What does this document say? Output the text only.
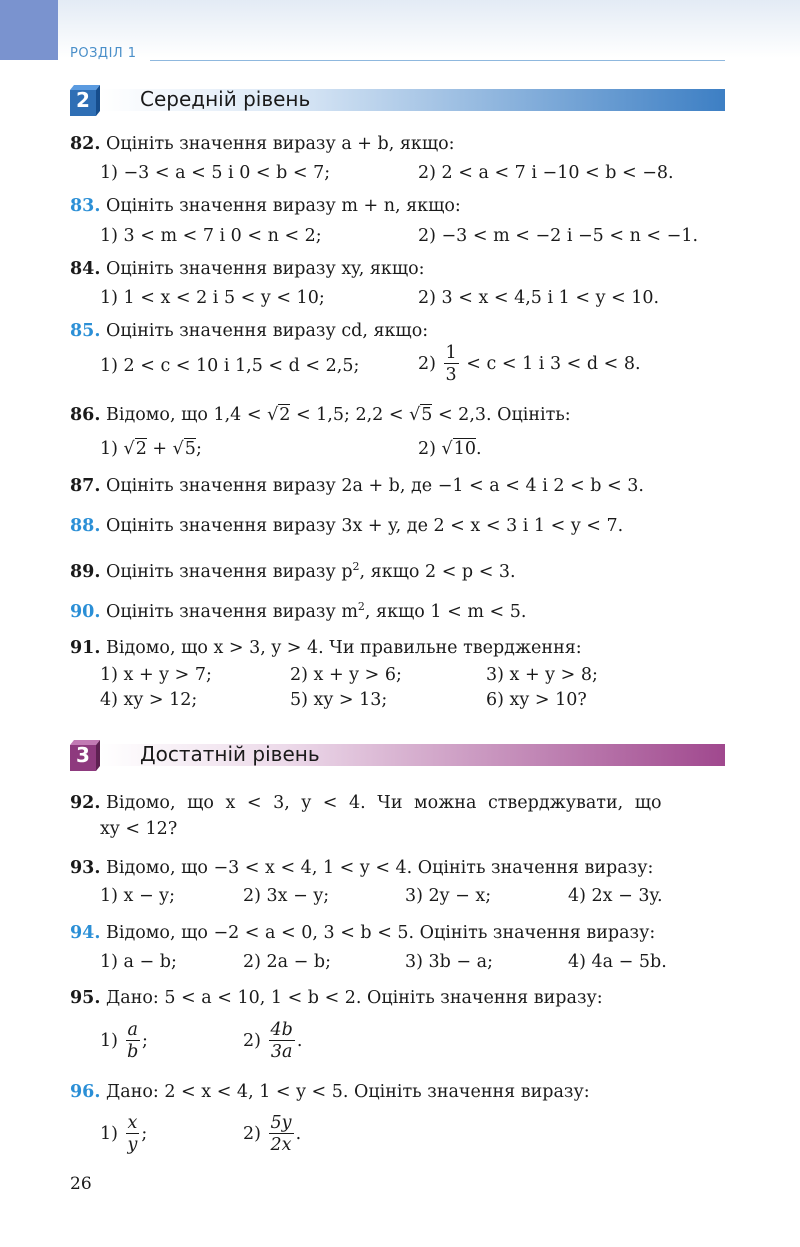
РОЗДІЛ 1
2	Середній рівень
82. Оцініть значення виразу a + b, якщо:
1) −3 < a < 5 і 0 < b < 7;	2) 2 < a < 7 і −10 < b < −8.
83. Оцініть значення виразу m + n, якщо:
1) 3 < m < 7 і 0 < n < 2;	2) −3 < m < −2 і −5 < n < −1.
84. Оцініть значення виразу xy, якщо:
1) 1 < x < 2 і 5 < y < 10;	2) 3 < x < 4,5 і 1 < y < 10.
85. Оцініть значення виразу cd, якщо:
1) 2 < c < 10 і 1,5 < d < 2,5;	$2) \frac{1}{3} < c < 1$ і 3 < d < 8.
86. Відомо, що 1,4 < √2 < 1,5; 2,2 < √5 < 2,3. Оцініть:
1) √2 + √5;	2) √10.
87. Оцініть значення виразу 2a + b, де −1 < a < 4 і 2 < b < 3.
88. Оцініть значення виразу 3x + y, де 2 < x < 3 і 1 < y < 7.
89. Оцініть значення виразу $p^2$, якщо 2 < p < 3.
90. Оцініть значення виразу $m^2$, якщо 1 < m < 5.
91. Відомо, що x > 3, y > 4. Чи правильне твердження:
1) x + y > 7;	2) x + y > 6;	3) x + y > 8;
4) xy > 12;	5) xy > 13;	6) xy > 10?
3	Достатній рівень
92. Відомо, що x < 3, y < 4. Чи можна стверджувати, що
xy < 12?
93. Відомо, що −3 < x < 4, 1 < y < 4. Оцініть значення виразу:
1) x − y;	2) 3x − y;	3) 2y − x;	4) 2x − 3y.
94. Відомо, що −2 < a < 0, 3 < b < 5. Оцініть значення виразу:
1) a − b;	2) 2a − b;	3) 3b − a;	4) 4a − 5b.
95. Дано: 5 < a < 10, 1 < b < 2. Оцініть значення виразу:
$1) \frac{a}{b}$ ;	$2) \frac{4b}{3a}$ .
96. Дано: 2 < x < 4, 1 < y < 5. Оцініть значення виразу:
$1) \frac{x}{y}$ ;	$2) \frac{5y}{2x}$ .
26
